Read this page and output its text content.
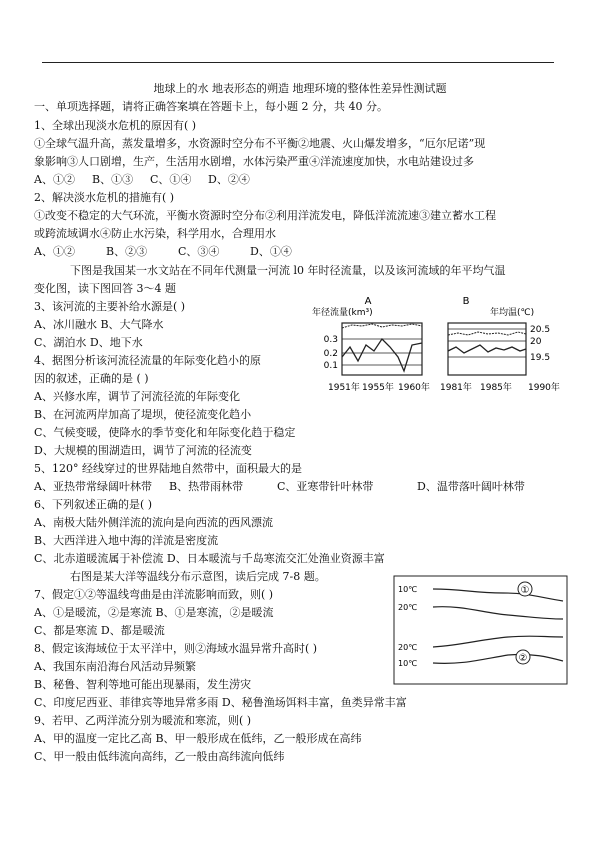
地球上的水 地表形态的朔造 地理环境的整体性差异性测试题
一、单项选择题，请将正确答案填在答题卡上，每小题 2 分，共 40 分。
1、全球出现淡水危机的原因有( )
①全球气温升高，蒸发量增多，水资源时空分布不平衡②地震、火山爆发增多，“厄尔尼诺”现
象影响③人口剧增，生产，生活用水剧增，水体污染严重④洋流速度加快，水电站建设过多
A、①② B、①③ C、①④ D、②④
2、解决淡水危机的措施有( )
①改变不稳定的大气环流，平衡水资源时空分布②利用洋流发电，降低洋流流速③建立蓄水工程
或跨流域调水④防止水污染，科学用水，合理用水
A、①②	B、②③	C、③④	D、①④
下图是我国某一水文站在不同年代测量一河流 l0 年时径流量，以及该河流域的年平均气温
变化图，读下图回答 3～4 题
3、该河流的主要补给水源是( )
A、冰川融水 B、大气降水
C、湖泊水 D、地下水
4、据图分析该河流径流量的年际变化趋小的原
因的叙述，正确的是 ( )
A、兴修水库，调节了河流径流的年际变化
B、在河流两岸加高了堤坝，使径流变化趋小
C、气候变暖，使降水的季节变化和年际变化趋于稳定
D、大规模的围湖造田，调节了河流的径流变
5、120° 经线穿过的世界陆地自然带中，面积最大的是
A、亚热带常绿阔叶林带 B、热带雨林带	C、亚寒带针叶林带	D、温带落叶阔叶林带
6、下列叙述正确的是( )
A、南极大陆外侧洋流的流向是向西流的西风漂流
B、大西洋进入地中海的洋流是密度流
C、北赤道暖流属于补偿流 D、日本暖流与千岛寒流交汇处渔业资源丰富
右图是某大洋等温线分布示意图，读后完成 7-8 题。
7、假定①②等温线弯曲是由洋流影响而致，则( )
A、①是暖流，②是寒流 B、①是寒流，②是暖流
C、都是寒流 D、都是暖流
8、假定该海域位于太平洋中，则②海域水温异常升高时( )
A、我国东南沿海台风活动异频繁
B、秘鲁、智利等地可能出现暴雨，发生涝灾
C、印度尼西亚、菲律宾等地异常多雨 D、秘鲁渔场饵料丰富，鱼类异常丰富
9、若甲、乙两洋流分别为暖流和寒流，则( )
A、甲的温度一定比乙高 B、甲一般形成在低纬，乙一般形成在高纬
C、甲一般由低纬流向高纬，乙一般由高纬流向低纬
A
年径流量(km³)
0.3
0.2
0.1
1951年 1955年 1960年
B
年均温(℃)
20.5
20
19.5
1981年 1985年 1990年
10℃
20℃
20℃
10℃
①
②
